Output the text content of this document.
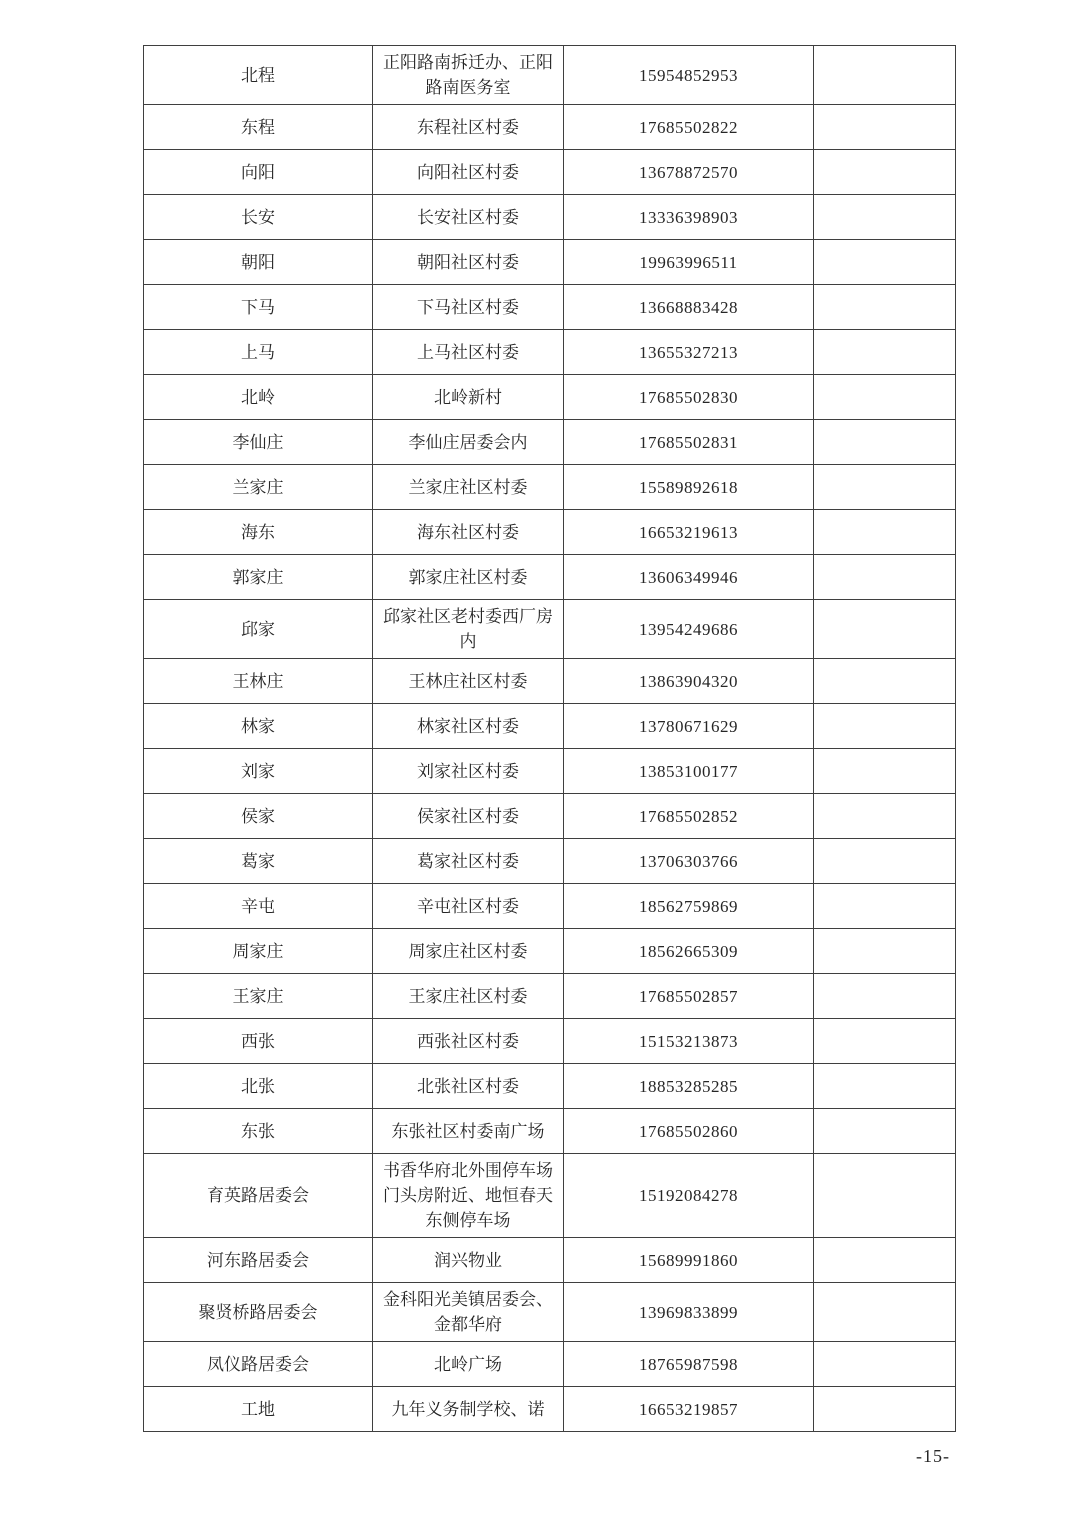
北程	正阳路南拆迁办、正阳路南医务室	15954852953	
东程	东程社区村委	17685502822	
向阳	向阳社区村委	13678872570	
长安	长安社区村委	13336398903	
朝阳	朝阳社区村委	19963996511	
下马	下马社区村委	13668883428	
上马	上马社区村委	13655327213	
北岭	北岭新村	17685502830	
李仙庄	李仙庄居委会内	17685502831	
兰家庄	兰家庄社区村委	15589892618	
海东	海东社区村委	16653219613	
郭家庄	郭家庄社区村委	13606349946	
邱家	邱家社区老村委西厂房内	13954249686	
王林庄	王林庄社区村委	13863904320	
林家	林家社区村委	13780671629	
刘家	刘家社区村委	13853100177	
侯家	侯家社区村委	17685502852	
葛家	葛家社区村委	13706303766	
辛屯	辛屯社区村委	18562759869	
周家庄	周家庄社区村委	18562665309	
王家庄	王家庄社区村委	17685502857	
西张	西张社区村委	15153213873	
北张	北张社区村委	18853285285	
东张	东张社区村委南广场	17685502860	
育英路居委会	书香华府北外围停车场门头房附近、地恒春天东侧停车场	15192084278	
河东路居委会	润兴物业	15689991860	
聚贤桥路居委会	金科阳光美镇居委会、金都华府	13969833899	
凤仪路居委会	北岭广场	18765987598	
工地	九年义务制学校、诺	16653219857	
-15-
